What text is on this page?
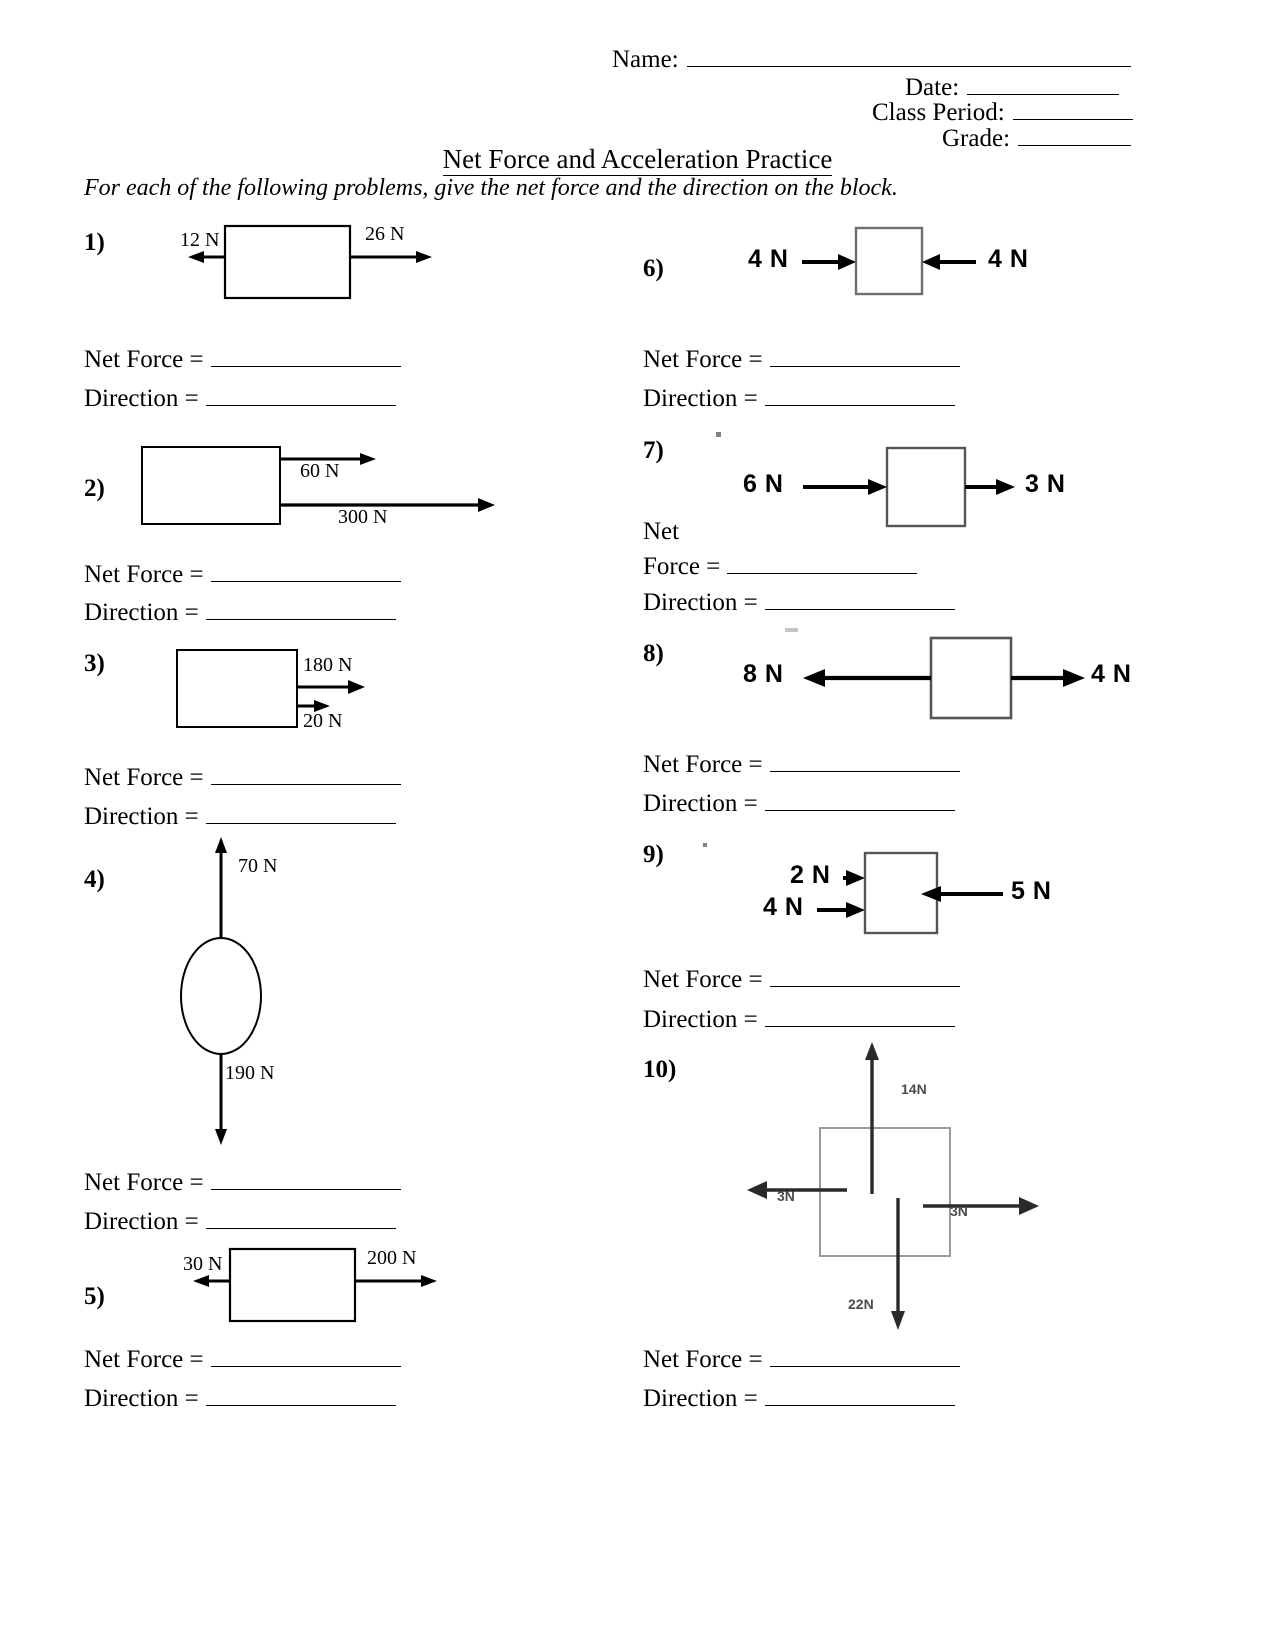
Name:
Date:
Class Period:
Grade:
Net Force and Acceleration Practice
For each of the following problems, give the net force and the direction on the block.
1)	12 N	26 N
Net Force =
Direction =
2)
60 N
300 N
Net Force =
Direction =
3)	180 N
20 N
Net Force =
Direction =
4)	70 N
190 N
Net Force =
Direction =
5)
30 N	200 N
Net Force =
Direction =
6)	4 N	4 N
Net Force =
Direction =
7)
6 N	3 N
Net
Force =
Direction =
8)
8 N	4 N
Net Force =
Direction =
9)
2 N
4 N
5 N
Net Force =
Direction =
10)
14N
3N
3N
22N
Net Force =
Direction =
